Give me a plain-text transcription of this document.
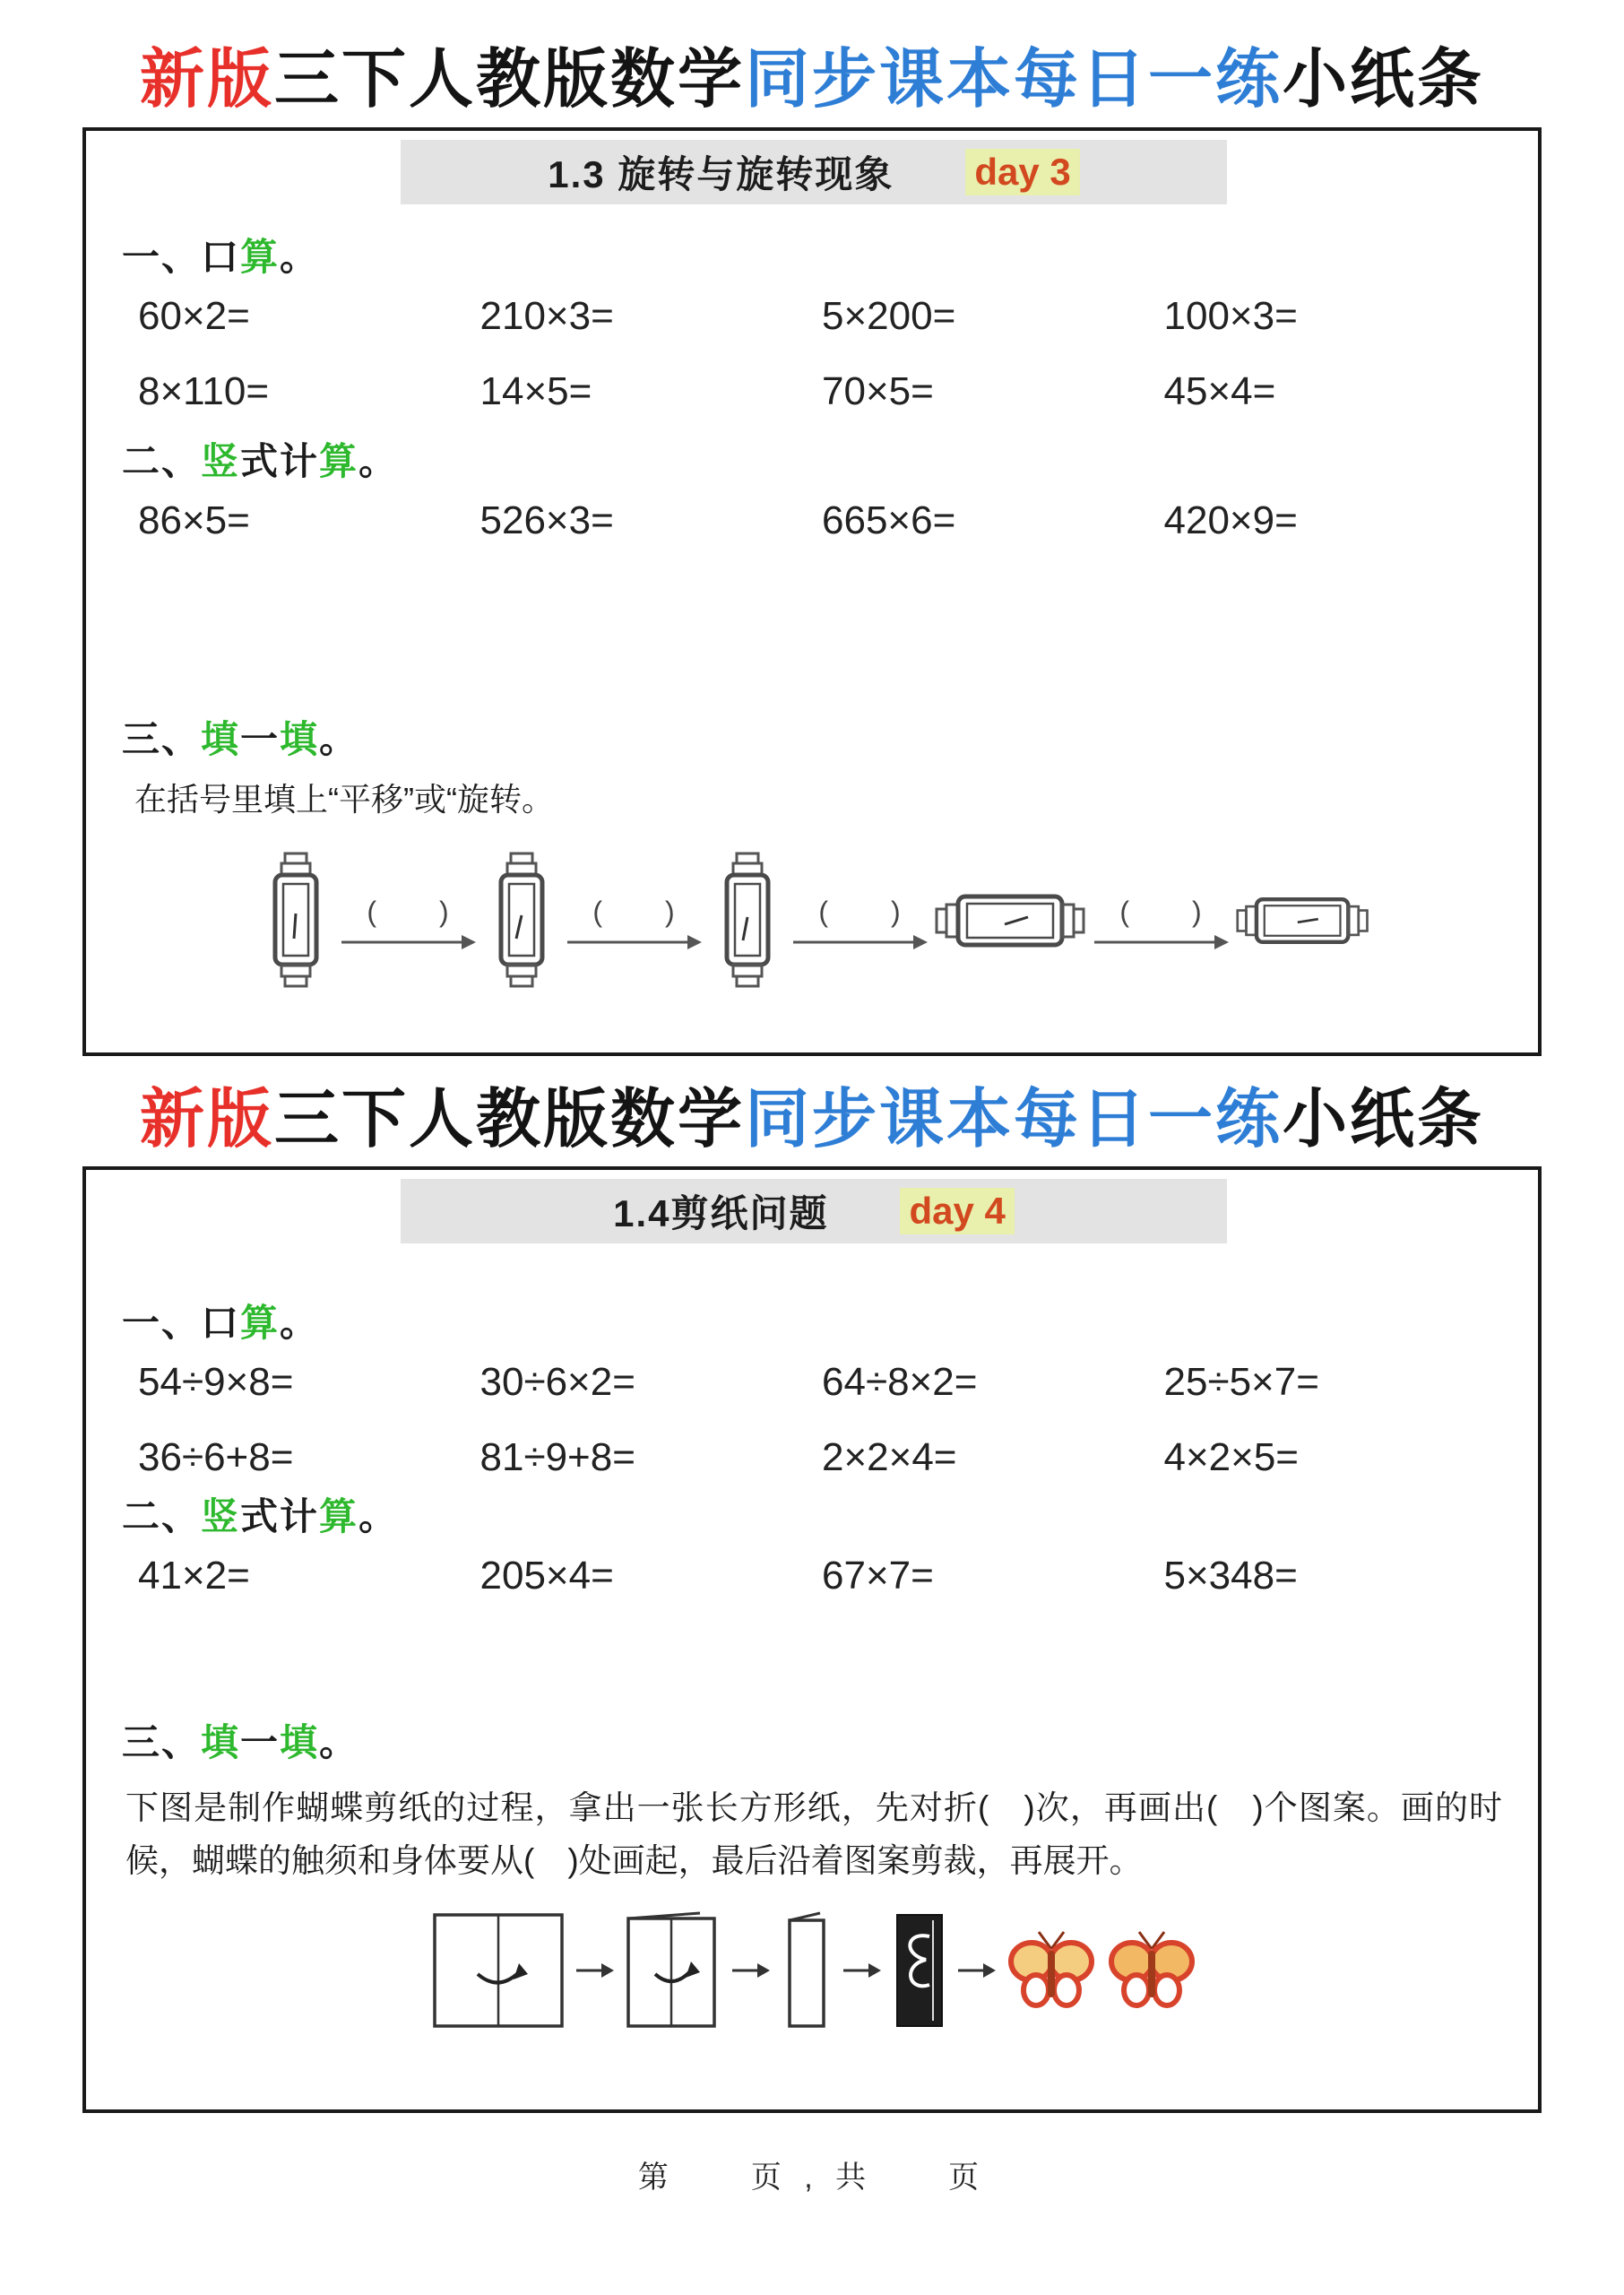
新版三下人教版数学同步课本每日一练小纸条
1.3 旋转与旋转现象 day 3
一、口算。
60×2=	210×3=	5×200=	100×3=
8×110=	14×5=	70×5=	45×4=
二、竖式计算。
86×5=	526×3=	665×6=	420×9=
三、填一填。
在括号里填上“平移”或“旋转。
(　　)	(　　)	(　　)	(　　)
新版三下人教版数学同步课本每日一练小纸条
1.4剪纸问题 day 4
一、口算。
54÷9×8=	30÷6×2=	64÷8×2=	25÷5×7=
36÷6+8=	81÷9+8=	2×2×4=	4×2×5=
二、竖式计算。
41×2=	205×4=	67×7=	5×348=
三、填一填。
下图是制作蝴蝶剪纸的过程，拿出一张长方形纸，先对折(　)次，再画出(　)个图案。画的时候，蝴蝶的触须和身体要从(　)处画起，最后沿着图案剪裁，再展开。
第　　页 , 共　　页
